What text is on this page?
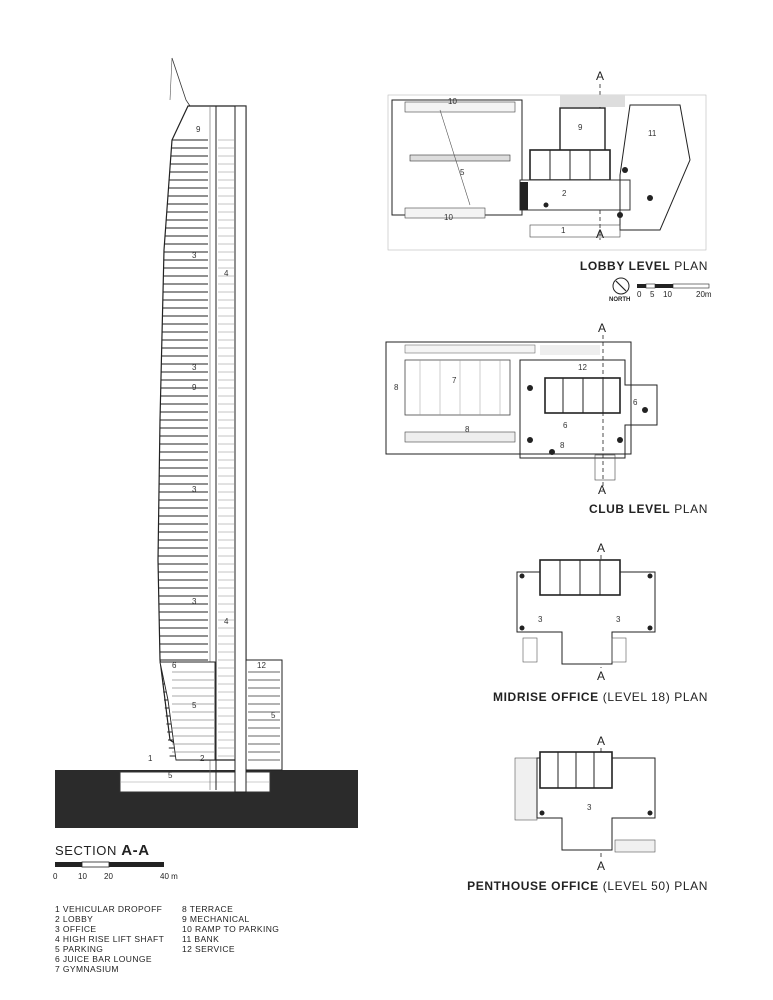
9
3
4
3
9
3
3
4
6	12
5
5
1	2
5
SECTION A-A
0	10 20	40 m
1 VEHICULAR DROPOFF
2 LOBBY
3 OFFICE
4 HIGH RISE LIFT SHAFT
5 PARKING
6 JUICE BAR LOUNGE
7 GYMNASIUM
8 TERRACE
9 MECHANICAL
10 RAMP TO PARKING
11 BANK
12 SERVICE
A
A
10
9
11
5
2
10
1
A
A
12
7
8
6
6
8
8
A
A
3	3
A
A
3
LOBBY LEVEL PLAN
NORTH
0 5 10	20m
CLUB LEVEL PLAN
MIDRISE OFFICE (LEVEL 18) PLAN
PENTHOUSE OFFICE (LEVEL 50) PLAN
